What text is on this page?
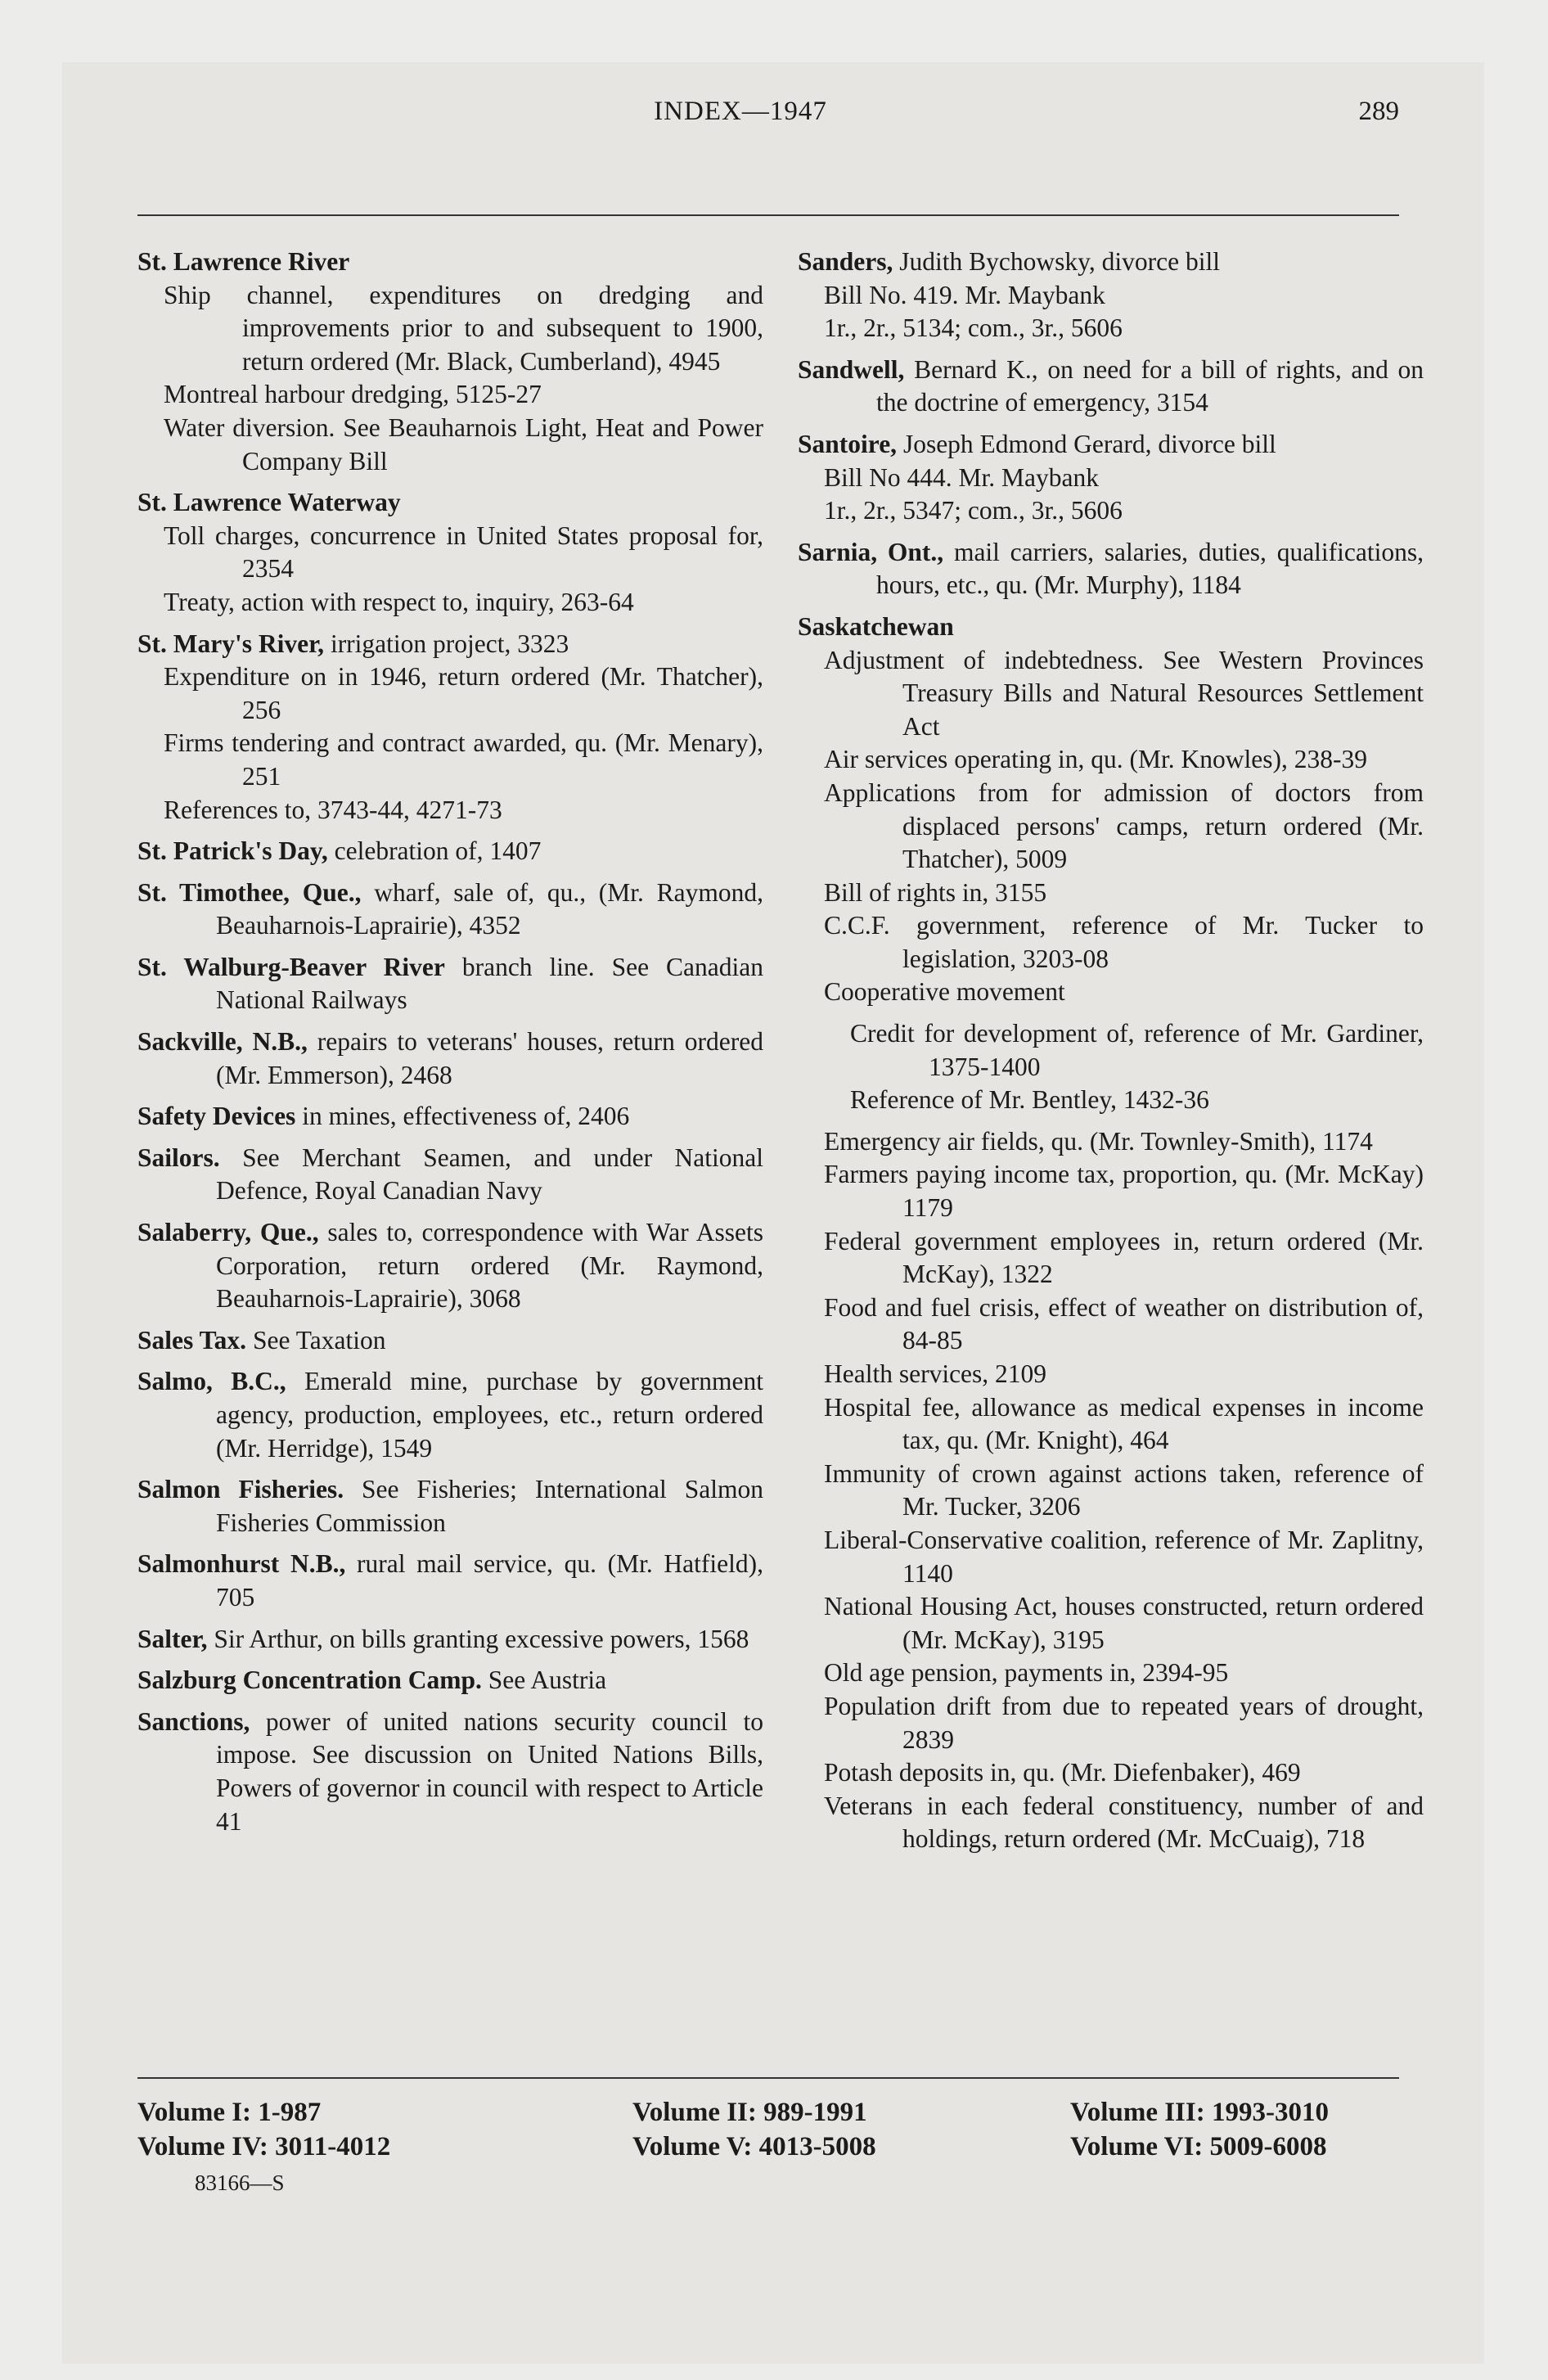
INDEX—1947	289
St. Lawrence River
Ship channel, expenditures on dredging and improvements prior to and subsequent to 1900, return ordered (Mr. Black, Cumberland), 4945
Montreal harbour dredging, 5125-27
Water diversion. See Beauharnois Light, Heat and Power Company Bill
St. Lawrence Waterway
Toll charges, concurrence in United States proposal for, 2354
Treaty, action with respect to, inquiry, 263-64
St. Mary's River, irrigation project, 3323
Expenditure on in 1946, return ordered (Mr. Thatcher), 256
Firms tendering and contract awarded, qu. (Mr. Menary), 251
References to, 3743-44, 4271-73
St. Patrick's Day, celebration of, 1407
St. Timothee, Que., wharf, sale of, qu., (Mr. Raymond, Beauharnois-Laprairie), 4352
St. Walburg-Beaver River branch line. See Canadian National Railways
Sackville, N.B., repairs to veterans' houses, return ordered (Mr. Emmerson), 2468
Safety Devices in mines, effectiveness of, 2406
Sailors. See Merchant Seamen, and under National Defence, Royal Canadian Navy
Salaberry, Que., sales to, correspondence with War Assets Corporation, return ordered (Mr. Raymond, Beauharnois-Laprairie), 3068
Sales Tax. See Taxation
Salmo, B.C., Emerald mine, purchase by government agency, production, employees, etc., return ordered (Mr. Herridge), 1549
Salmon Fisheries. See Fisheries; International Salmon Fisheries Commission
Salmonhurst N.B., rural mail service, qu. (Mr. Hatfield), 705
Salter, Sir Arthur, on bills granting excessive powers, 1568
Salzburg Concentration Camp. See Austria
Sanctions, power of united nations security council to impose. See discussion on United Nations Bills, Powers of governor in council with respect to Article 41
Sanders, Judith Bychowsky, divorce bill
Bill No. 419. Mr. Maybank
1r., 2r., 5134; com., 3r., 5606
Sandwell, Bernard K., on need for a bill of rights, and on the doctrine of emergency, 3154
Santoire, Joseph Edmond Gerard, divorce bill
Bill No 444. Mr. Maybank
1r., 2r., 5347; com., 3r., 5606
Sarnia, Ont., mail carriers, salaries, duties, qualifications, hours, etc., qu. (Mr. Murphy), 1184
Saskatchewan
Adjustment of indebtedness. See Western Provinces Treasury Bills and Natural Resources Settlement Act
Air services operating in, qu. (Mr. Knowles), 238-39
Applications from for admission of doctors from displaced persons' camps, return ordered (Mr. Thatcher), 5009
Bill of rights in, 3155
C.C.F. government, reference of Mr. Tucker to legislation, 3203-08
Cooperative movement
Credit for development of, reference of Mr. Gardiner, 1375-1400
Reference of Mr. Bentley, 1432-36
Emergency air fields, qu. (Mr. Townley-Smith), 1174
Farmers paying income tax, proportion, qu. (Mr. McKay) 1179
Federal government employees in, return ordered (Mr. McKay), 1322
Food and fuel crisis, effect of weather on distribution of, 84-85
Health services, 2109
Hospital fee, allowance as medical expenses in income tax, qu. (Mr. Knight), 464
Immunity of crown against actions taken, reference of Mr. Tucker, 3206
Liberal-Conservative coalition, reference of Mr. Zaplitny, 1140
National Housing Act, houses constructed, return ordered (Mr. McKay), 3195
Old age pension, payments in, 2394-95
Population drift from due to repeated years of drought, 2839
Potash deposits in, qu. (Mr. Diefenbaker), 469
Veterans in each federal constituency, number of and holdings, return ordered (Mr. McCuaig), 718
Volume I: 1-987	Volume II: 989-1991	Volume III: 1993-3010
Volume IV: 3011-4012	Volume V: 4013-5008	Volume VI: 5009-6008
83166—S
